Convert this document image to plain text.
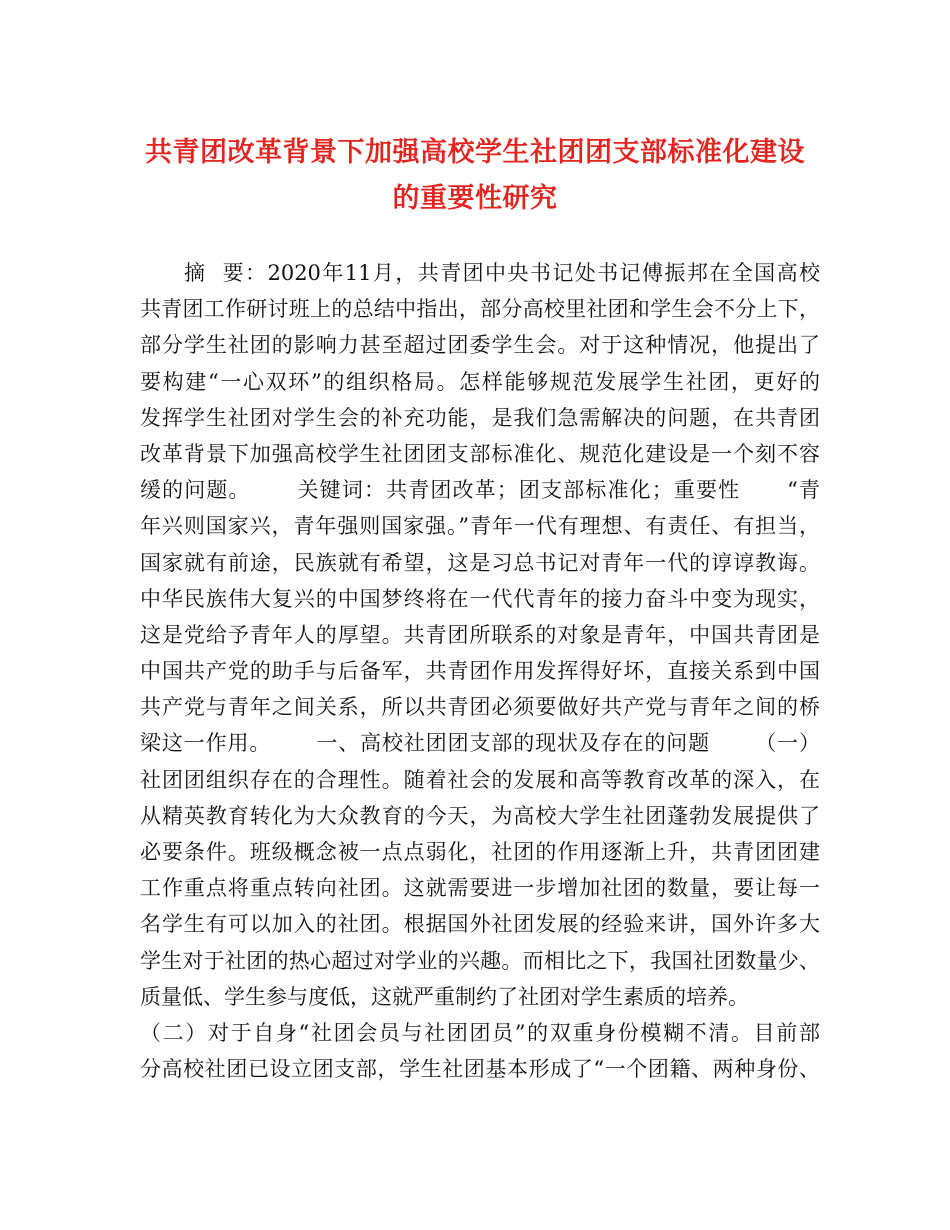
共青团改革背景下加强高校学生社团团支部标准化建设
的重要性研究
摘  要：2020年11月，共青团中央书记处书记傅振邦在全国高校
共青团工作研讨班上的总结中指出，部分高校里社团和学生会不分上下，
部分学生社团的影响力甚至超过团委学生会。对于这种情况，他提出了
要构建“一心双环”的组织格局。怎样能够规范发展学生社团，更好的
发挥学生社团对学生会的补充功能，是我们急需解决的问题，在共青团
改革背景下加强高校学生社团团支部标准化、规范化建设是一个刻不容
缓的问题。      关键词：共青团改革；团支部标准化；重要性      “青
年兴则国家兴，青年强则国家强。”青年一代有理想、有责任、有担当，
国家就有前途，民族就有希望，这是习总书记对青年一代的谆谆教诲。
中华民族伟大复兴的中国梦终将在一代代青年的接力奋斗中变为现实，
这是党给予青年人的厚望。共青团所联系的对象是青年，中国共青团是
中国共产党的助手与后备军，共青团作用发挥得好坏，直接关系到中国
共产党与青年之间关系，所以共青团必须要做好共产党与青年之间的桥
梁这一作用。      一、高校社团团支部的现状及存在的问题      （一）
社团团组织存在的合理性。随着社会的发展和高等教育改革的深入，在
从精英教育转化为大众教育的今天，为高校大学生社团蓬勃发展提供了
必要条件。班级概念被一点点弱化，社团的作用逐渐上升，共青团团建
工作重点将重点转向社团。这就需要进一步增加社团的数量，要让每一
名学生有可以加入的社团。根据国外社团发展的经验来讲，国外许多大
学生对于社团的热心超过对学业的兴趣。而相比之下，我国社团数量少、
质量低、学生参与度低，这就严重制约了社团对学生素质的培养。
（二）对于自身“社团会员与社团团员”的双重身份模糊不清。目前部
分高校社团已设立团支部，学生社团基本形成了“一个团籍、两种身份、
